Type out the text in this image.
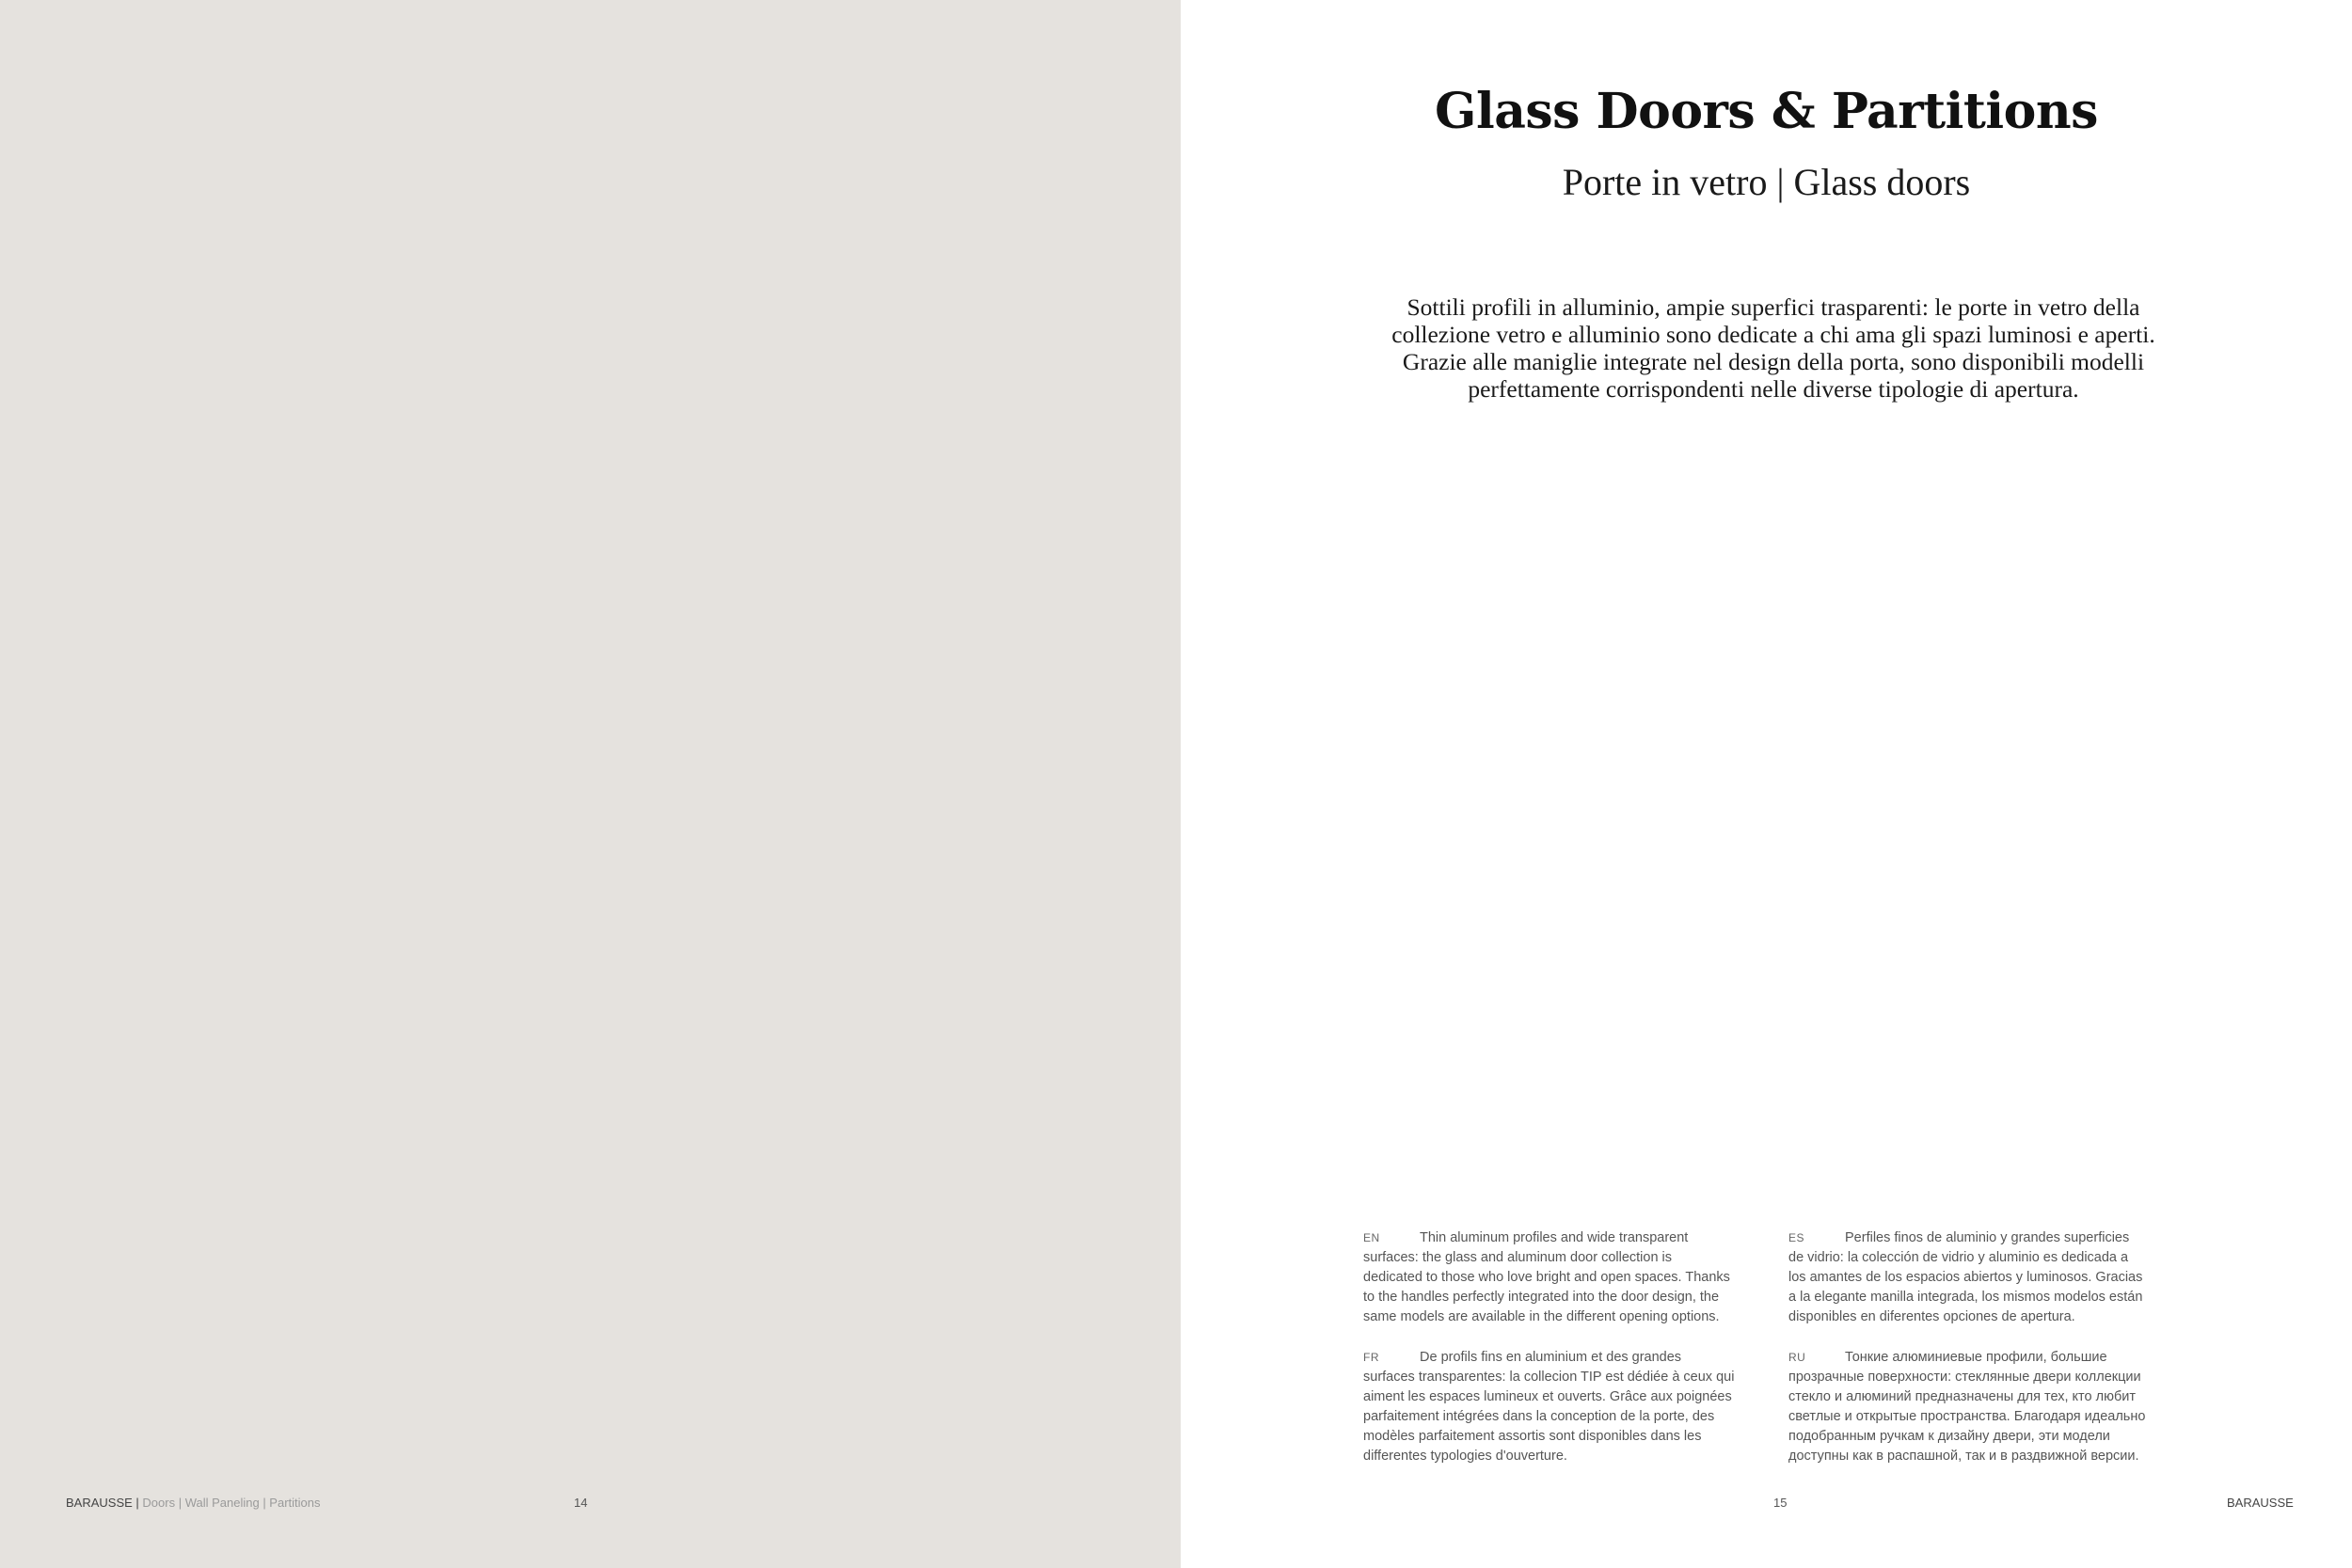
BARAUSSE | Doors | Wall Paneling | Partitions	14
Glass Doors & Partitions
Porte in vetro | Glass doors
Sottili profili in alluminio, ampie superfici trasparenti: le porte in vetro della collezione vetro e alluminio sono dedicate a chi ama gli spazi luminosi e aperti. Grazie alle maniglie integrate nel design della porta, sono disponibili modelli perfettamente corrispondenti nelle diverse tipologie di apertura.
EN	Thin aluminum profiles and wide transparent
surfaces: the glass and aluminum door collection is
dedicated to those who love bright and open spaces. Thanks
to the handles perfectly integrated into the door design, the
same models are available in the different opening options.
ES	Perfiles finos de aluminio y grandes superficies
de vidrio: la colección de vidrio y aluminio es dedicada a
los amantes de los espacios abiertos y luminosos. Gracias
a la elegante manilla integrada, los mismos modelos están
disponibles en diferentes opciones de apertura.
FR	De profils fins en aluminium et des grandes
surfaces transparentes: la collecion TIP est dédiée à ceux qui
aiment les espaces lumineux et ouverts. Grâce aux poignées
parfaitement intégrées dans la conception de la porte, des
modèles parfaitement assortis sont disponibles dans les
differentes typologies d'ouverture.
RU	Тонкие алюминиевые профили, большие
прозрачные поверхности: стеклянные двери коллекции
стекло и алюминий предназначены для тех, кто любит
светлые и открытые пространства. Благодаря идеально
подобранным ручкам к дизайну двери, эти модели
доступны как в распашной, так и в раздвижной версии.
15	BARAUSSE
